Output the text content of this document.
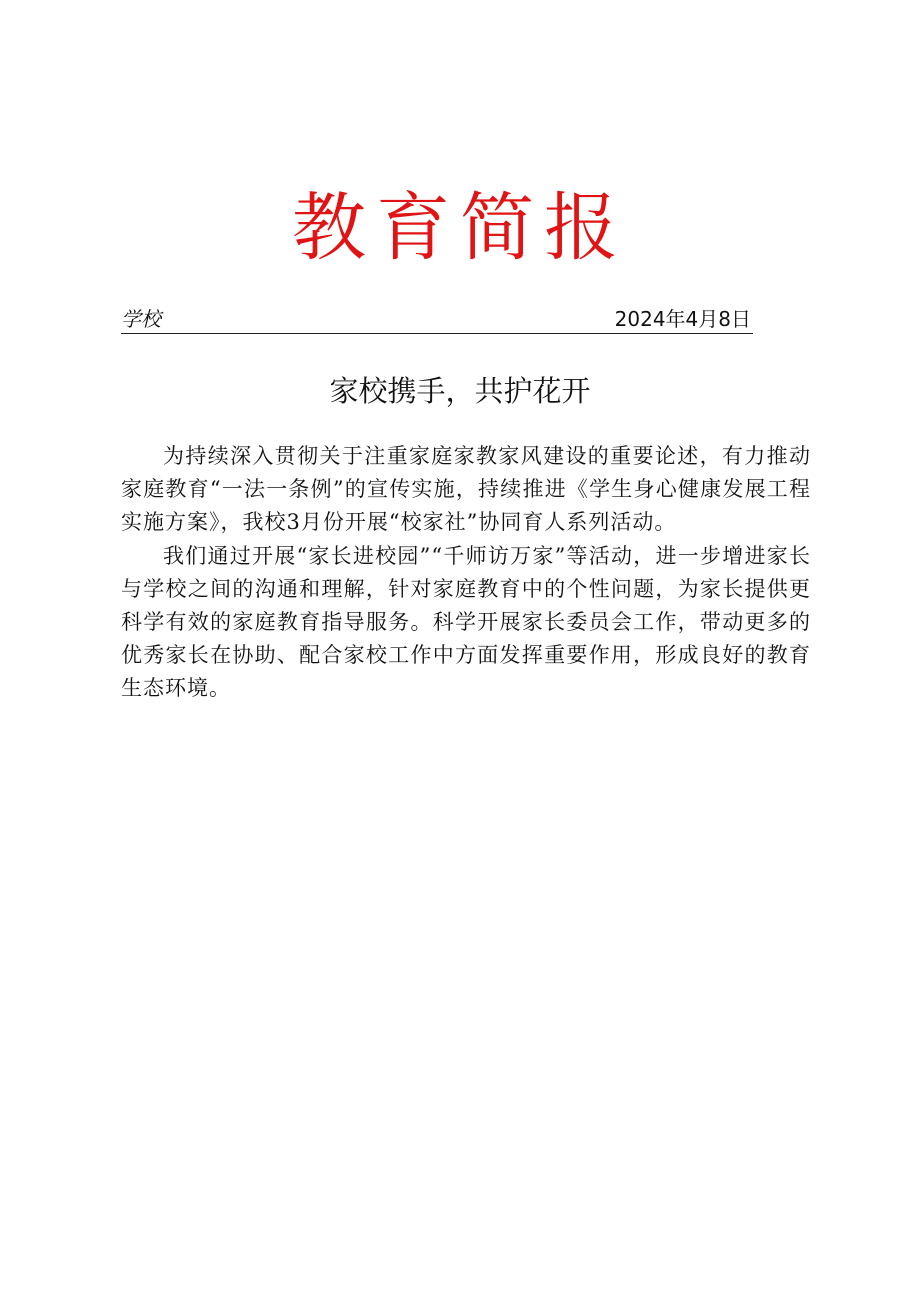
教育简报
学校	2024年4月8日
家校携手，共护花开

为持续深入贯彻关于注重家庭家教家风建设的重要论述，有力推动家庭教育“一法一条例”的宣传实施，持续推进《学生身心健康发展工程实施方案》，我校3月份开展“校家社”协同育人系列活动。

我们通过开展“家长进校园”“千师访万家”等活动，进一步增进家长与学校之间的沟通和理解，针对家庭教育中的个性问题，为家长提供更科学有效的家庭教育指导服务。科学开展家长委员会工作，带动更多的优秀家长在协助、配合家校工作中方面发挥重要作用，形成良好的教育生态环境。
